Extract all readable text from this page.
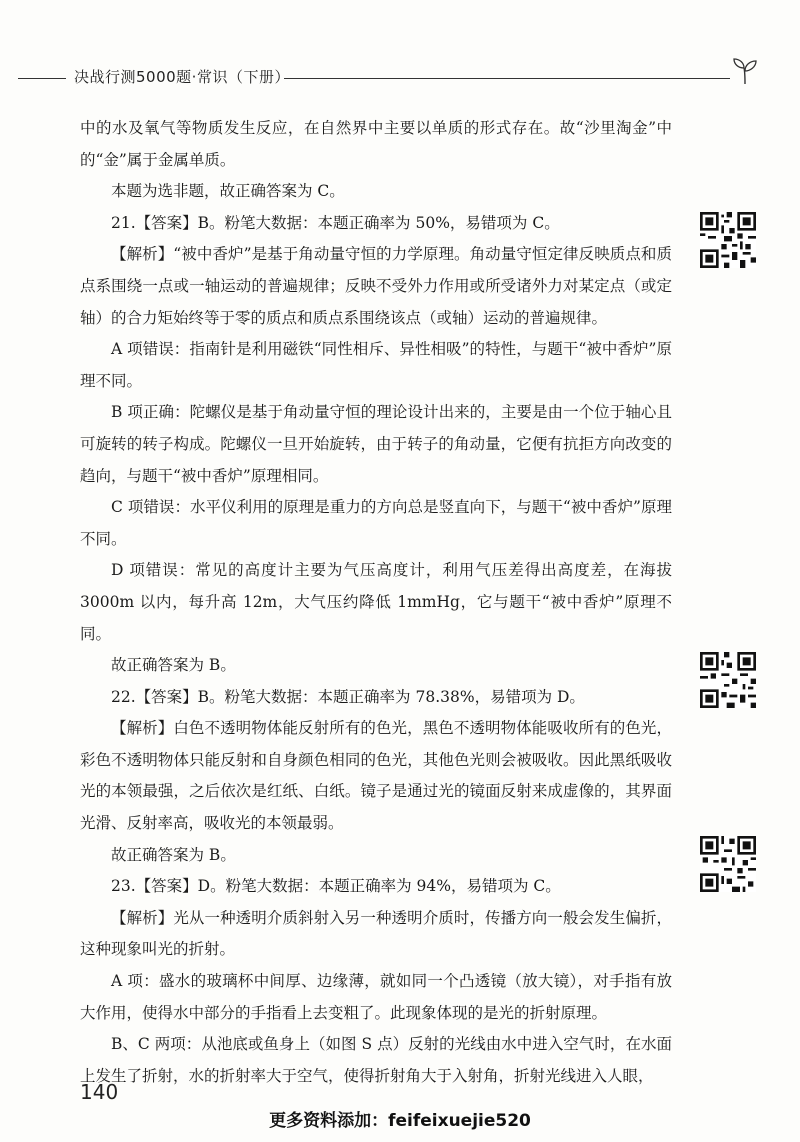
决战行测5000题·常识（下册）

中的水及氧气等物质发生反应，在自然界中主要以单质的形式存在。故“沙里淘金”中的“金”属于金属单质。

本题为选非题，故正确答案为 C。

21.【答案】B。粉笔大数据：本题正确率为 50%，易错项为 C。

【解析】“被中香炉”是基于角动量守恒的力学原理。角动量守恒定律反映质点和质点系围绕一点或一轴运动的普遍规律；反映不受外力作用或所受诸外力对某定点（或定轴）的合力矩始终等于零的质点和质点系围绕该点（或轴）运动的普遍规律。

A 项错误：指南针是利用磁铁“同性相斥、异性相吸”的特性，与题干“被中香炉”原理不同。

B 项正确：陀螺仪是基于角动量守恒的理论设计出来的，主要是由一个位于轴心且可旋转的转子构成。陀螺仪一旦开始旋转，由于转子的角动量，它便有抗拒方向改变的趋向，与题干“被中香炉”原理相同。

C 项错误：水平仪利用的原理是重力的方向总是竖直向下，与题干“被中香炉”原理不同。

D 项错误：常见的高度计主要为气压高度计，利用气压差得出高度差，在海拔 3000m 以内，每升高 12m，大气压约降低 1mmHg，它与题干“被中香炉”原理不同。

故正确答案为 B。

22.【答案】B。粉笔大数据：本题正确率为 78.38%，易错项为 D。

【解析】白色不透明物体能反射所有的色光，黑色不透明物体能吸收所有的色光，彩色不透明物体只能反射和自身颜色相同的色光，其他色光则会被吸收。因此黑纸吸收光的本领最强，之后依次是红纸、白纸。镜子是通过光的镜面反射来成虚像的，其界面光滑、反射率高，吸收光的本领最弱。

故正确答案为 B。

23.【答案】D。粉笔大数据：本题正确率为 94%，易错项为 C。

【解析】光从一种透明介质斜射入另一种透明介质时，传播方向一般会发生偏折，这种现象叫光的折射。

A 项：盛水的玻璃杯中间厚、边缘薄，就如同一个凸透镜（放大镜），对手指有放大作用，使得水中部分的手指看上去变粗了。此现象体现的是光的折射原理。

B、C 两项：从池底或鱼身上（如图 S 点）反射的光线由水中进入空气时，在水面上发生了折射，水的折射率大于空气，使得折射角大于入射角，折射光线进入人眼，

140
更多资料添加：feifeixuejie520
